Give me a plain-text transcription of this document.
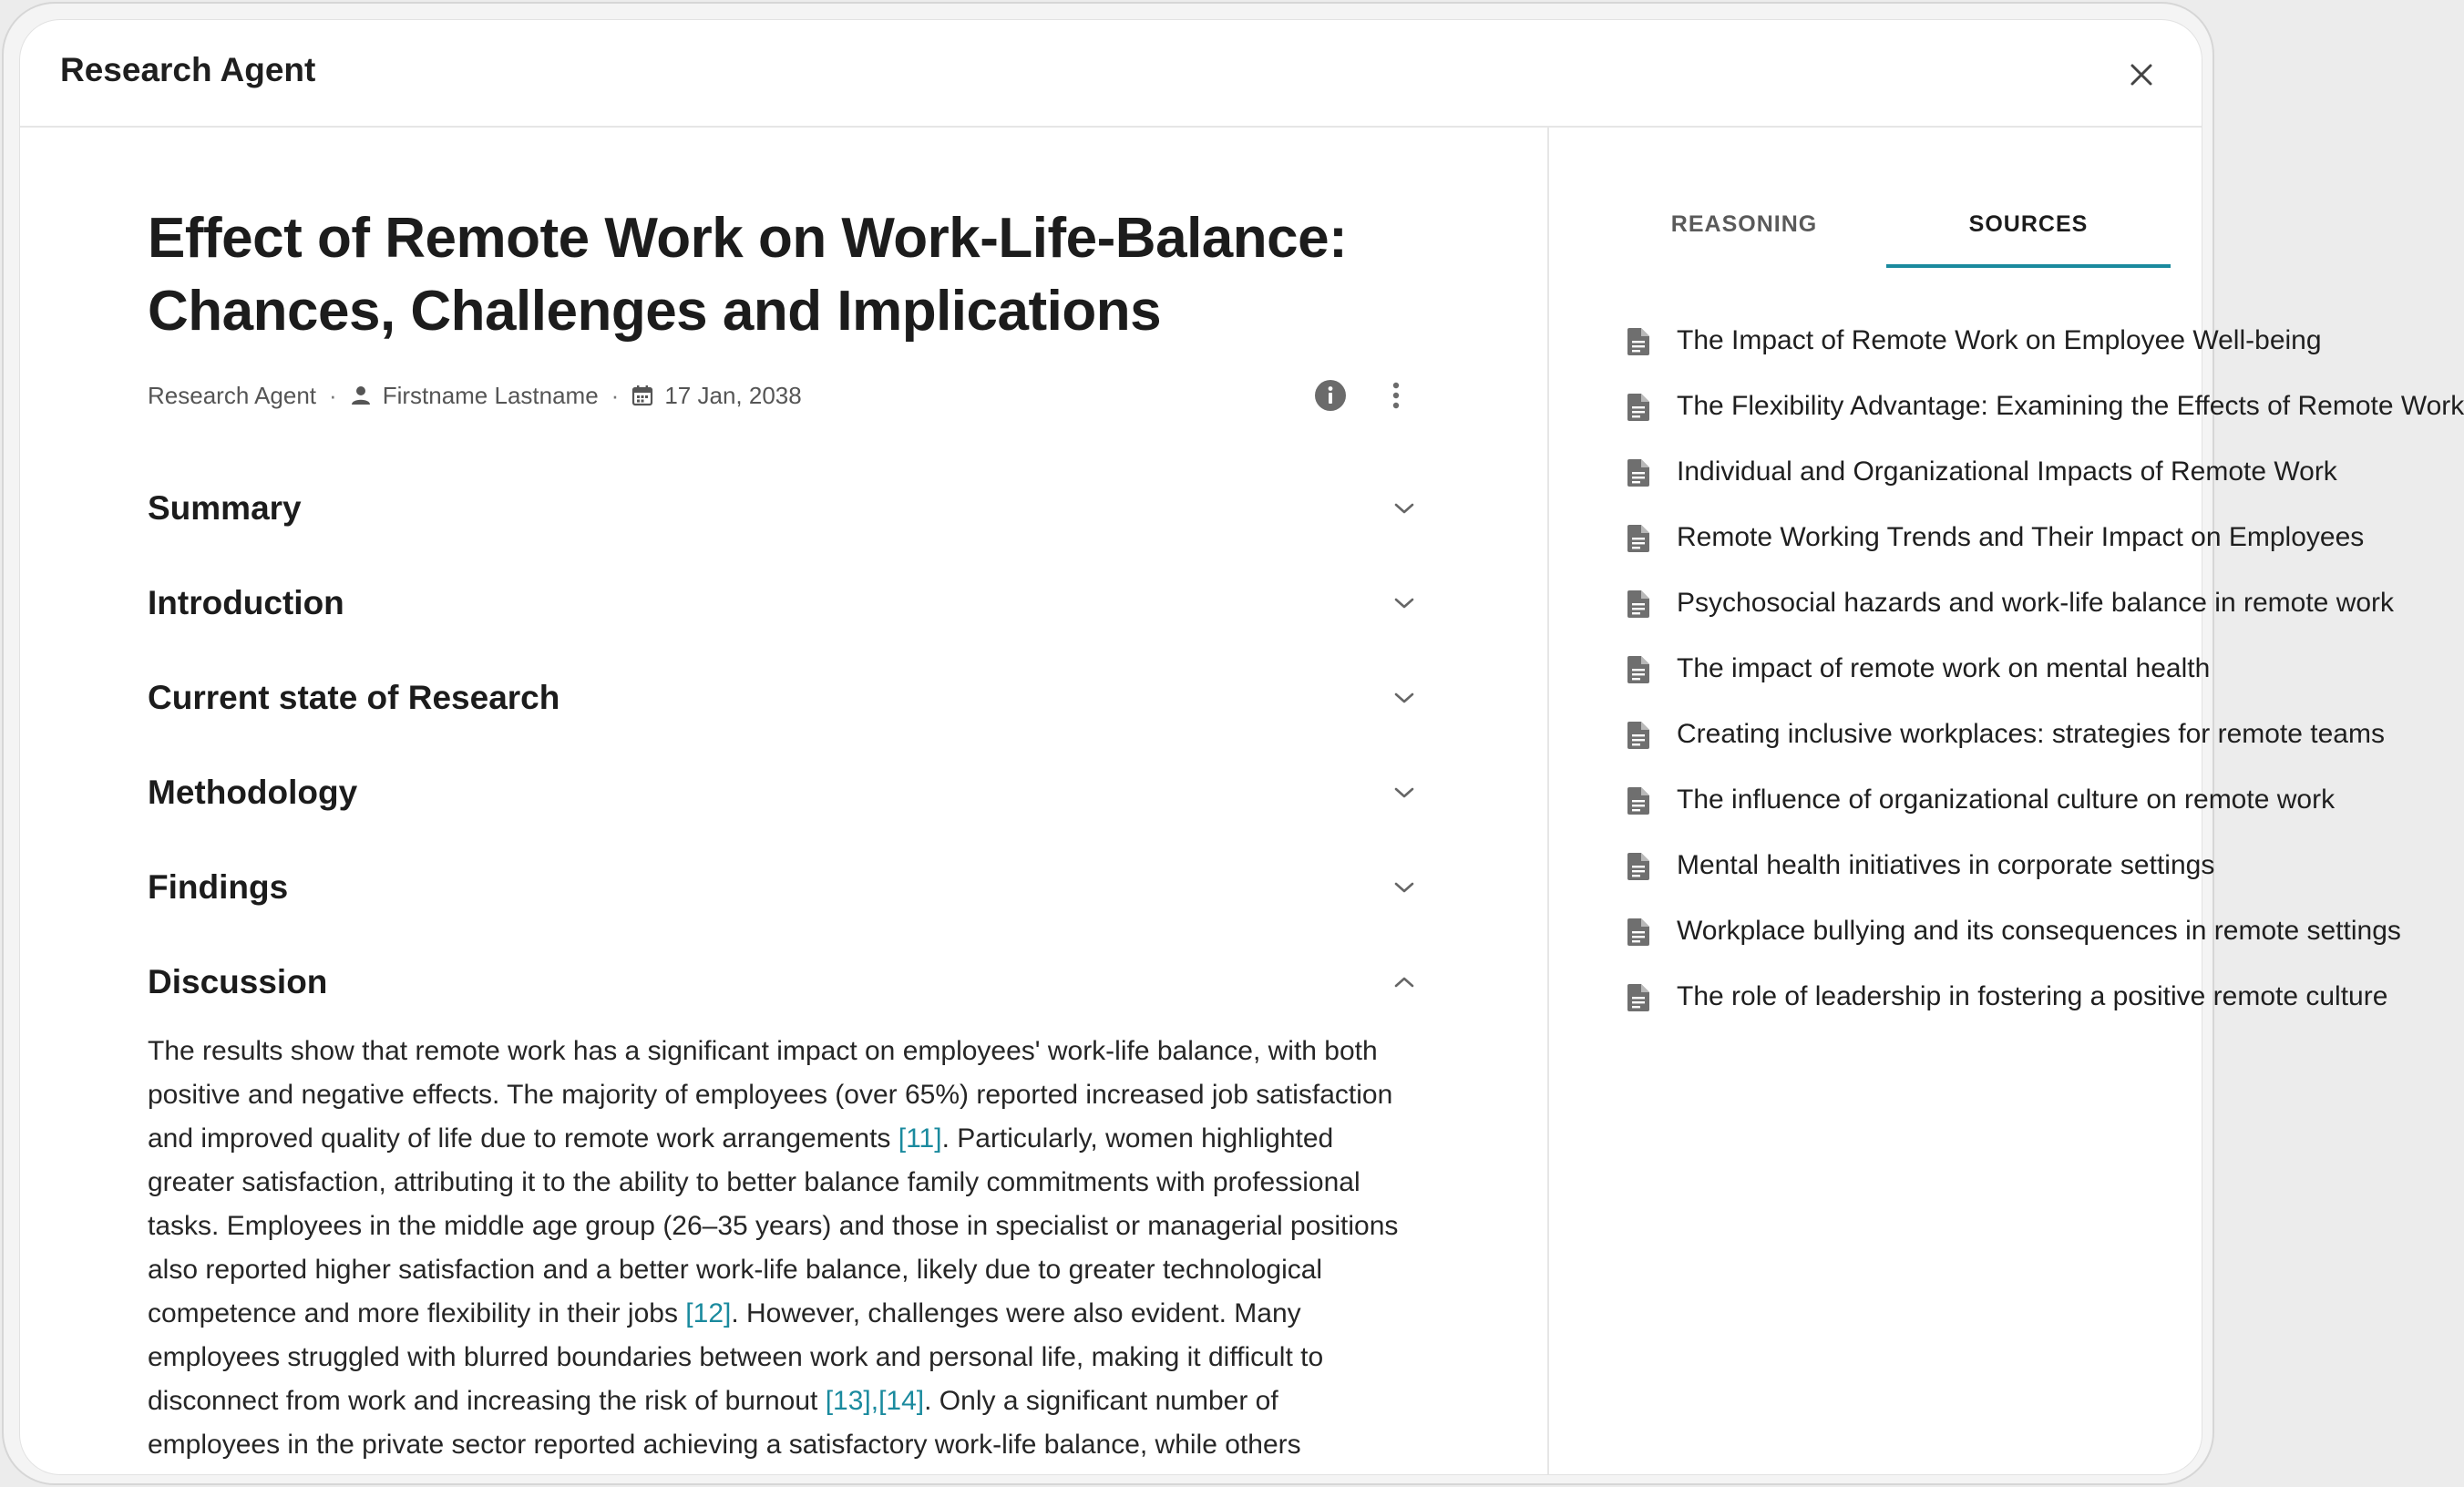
Research Agent
Effect of Remote Work on Work-Life-Balance:
Chances, Challenges and Implications
Research Agent · Firstname Lastname · 17 Jan, 2038
Summary
Introduction
Current state of Research
Methodology
Findings
Discussion

The results show that remote work has a significant impact on employees' work-life balance, with both positive and negative effects. The majority of employees (over 65%) reported increased job satisfaction and improved quality of life due to remote work arrangements [11]. Particularly, women highlighted greater satisfaction, attributing it to the ability to better balance family commitments with professional tasks. Employees in the middle age group (26–35 years) and those in specialist or managerial positions also reported higher satisfaction and a better work-life balance, likely due to greater technological competence and more flexibility in their jobs [12]. However, challenges were also evident. Many employees struggled with blurred boundaries between work and personal life, making it difficult to disconnect from work and increasing the risk of burnout [13],[14]. Only a significant number of employees in the private sector reported achieving a satisfactory work-life balance, while others

REASONING	SOURCES
The Impact of Remote Work on Employee Well-being
The Flexibility Advantage: Examining the Effects of Remote Work
Individual and Organizational Impacts of Remote Work
Remote Working Trends and Their Impact on Employees
Psychosocial hazards and work-life balance in remote work
The impact of remote work on mental health
Creating inclusive workplaces: strategies for remote teams
The influence of organizational culture on remote work
Mental health initiatives in corporate settings
Workplace bullying and its consequences in remote settings
The role of leadership in fostering a positive remote culture
